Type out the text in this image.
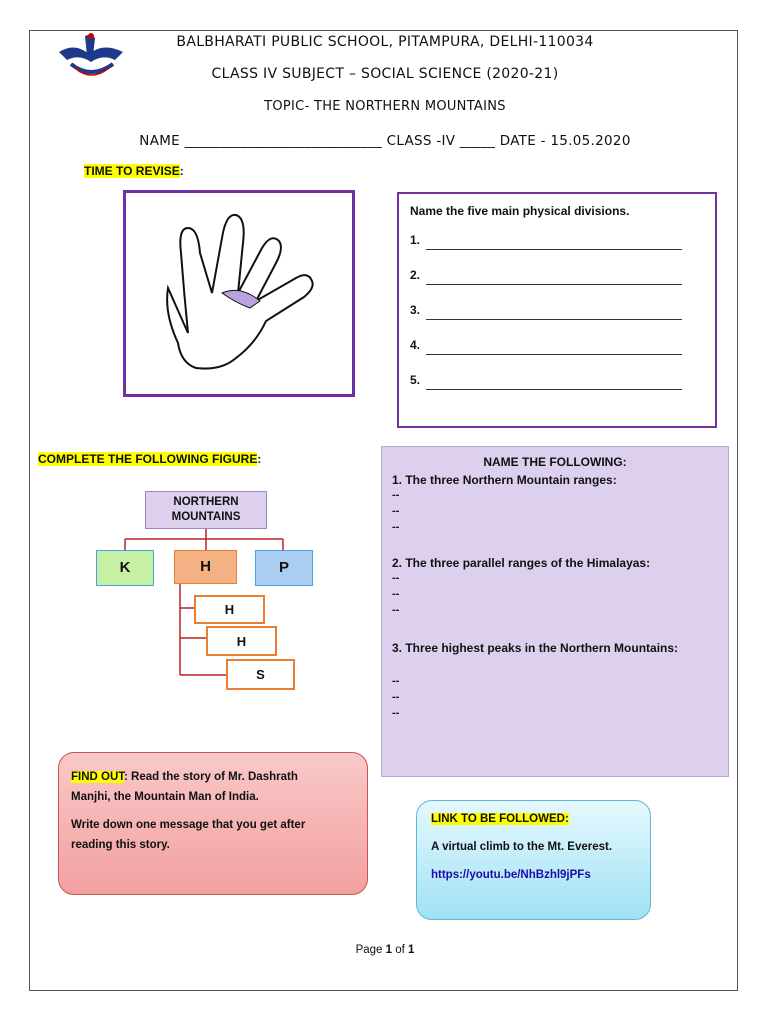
BALBHARATI PUBLIC SCHOOL, PITAMPURA, DELHI-110034
CLASS IV SUBJECT – SOCIAL SCIENCE (2020-21)
TOPIC- THE NORTHERN MOUNTAINS
NAME ____________________________ CLASS -IV _____ DATE - 15.05.2020
TIME TO REVISE:
Name the five main physical divisions.
1.
2.
3.
4.
5.
COMPLETE THE FOLLOWING FIGURE:
NORTHERN
MOUNTAINS
K	H	P
H
H
S
NAME THE FOLLOWING:
1. The three Northern Mountain ranges:
--
--
--
2. The three parallel ranges of the Himalayas:
--
--
--
3. Three highest peaks in the Northern Mountains:
--
--
--
FIND OUT: Read the story of Mr. Dashrath
Manjhi, the Mountain Man of India.
Write down one message that you get after
reading this story.
LINK TO BE FOLLOWED:
A virtual climb to the Mt. Everest.
https://youtu.be/NhBzhl9jPFs
Page 1 of 1
